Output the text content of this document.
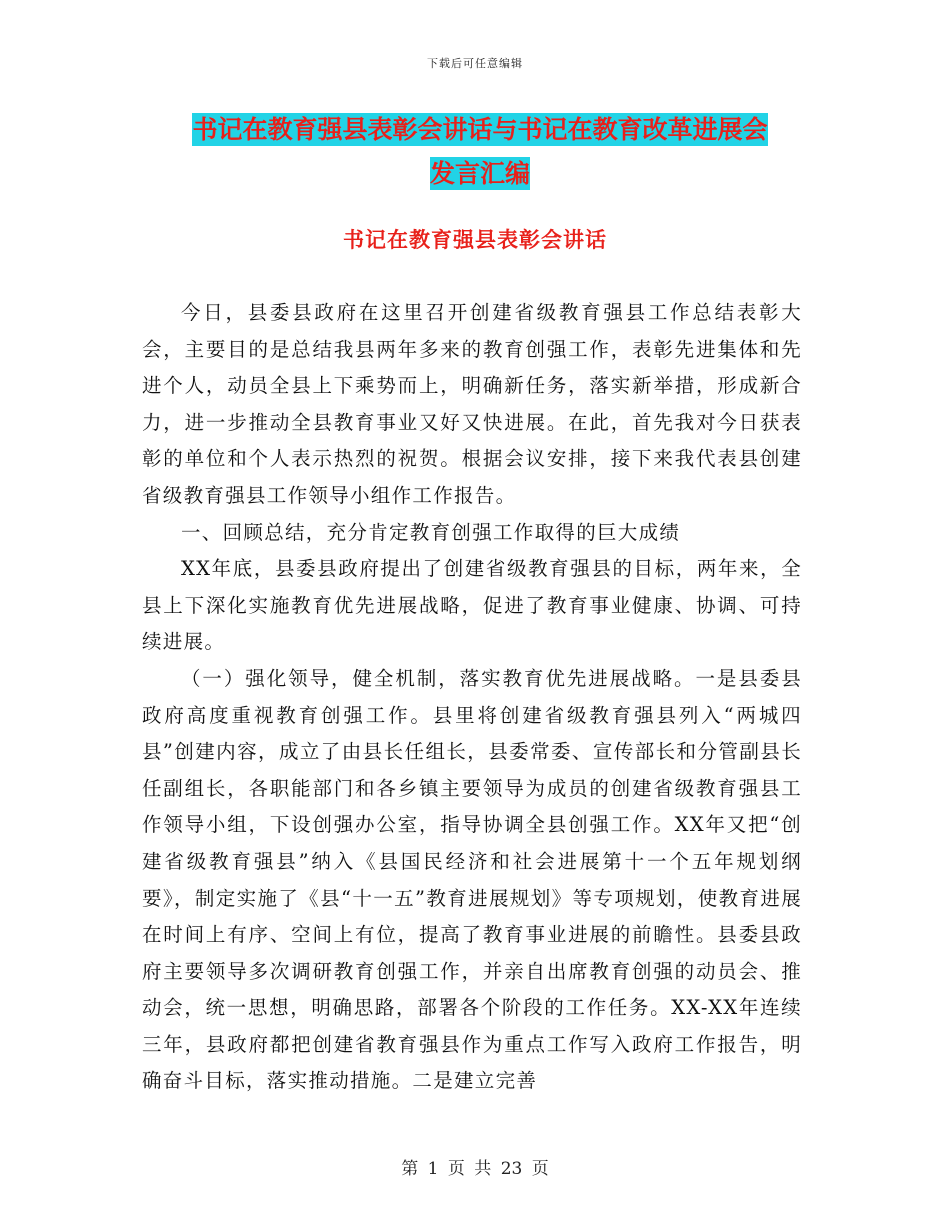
下载后可任意编辑
书记在教育强县表彰会讲话与书记在教育改革进展会
发言汇编
书记在教育强县表彰会讲话

今日，县委县政府在这里召开创建省级教育强县工作总结表彰大会，主要目的是总结我县两年多来的教育创强工作，表彰先进集体和先进个人，动员全县上下乘势而上，明确新任务，落实新举措，形成新合力，进一步推动全县教育事业又好又快进展。在此，首先我对今日获表彰的单位和个人表示热烈的祝贺。根据会议安排，接下来我代表县创建省级教育强县工作领导小组作工作报告。

一、回顾总结，充分肯定教育创强工作取得的巨大成绩

XX年底，县委县政府提出了创建省级教育强县的目标，两年来，全县上下深化实施教育优先进展战略，促进了教育事业健康、协调、可持续进展。

（一）强化领导，健全机制，落实教育优先进展战略。一是县委县政府高度重视教育创强工作。县里将创建省级教育强县列入“两城四县”创建内容，成立了由县长任组长，县委常委、宣传部长和分管副县长任副组长，各职能部门和各乡镇主要领导为成员的创建省级教育强县工作领导小组，下设创强办公室，指导协调全县创强工作。XX年又把“创建省级教育强县”纳入《县国民经济和社会进展第十一个五年规划纲要》，制定实施了《县“十一五”教育进展规划》等专项规划，使教育进展在时间上有序、空间上有位，提高了教育事业进展的前瞻性。县委县政府主要领导多次调研教育创强工作，并亲自出席教育创强的动员会、推动会，统一思想，明确思路，部署各个阶段的工作任务。XX-XX年连续三年，县政府都把创建省教育强县作为重点工作写入政府工作报告，明确奋斗目标，落实推动措施。二是建立完善

第 1 页 共 23 页
